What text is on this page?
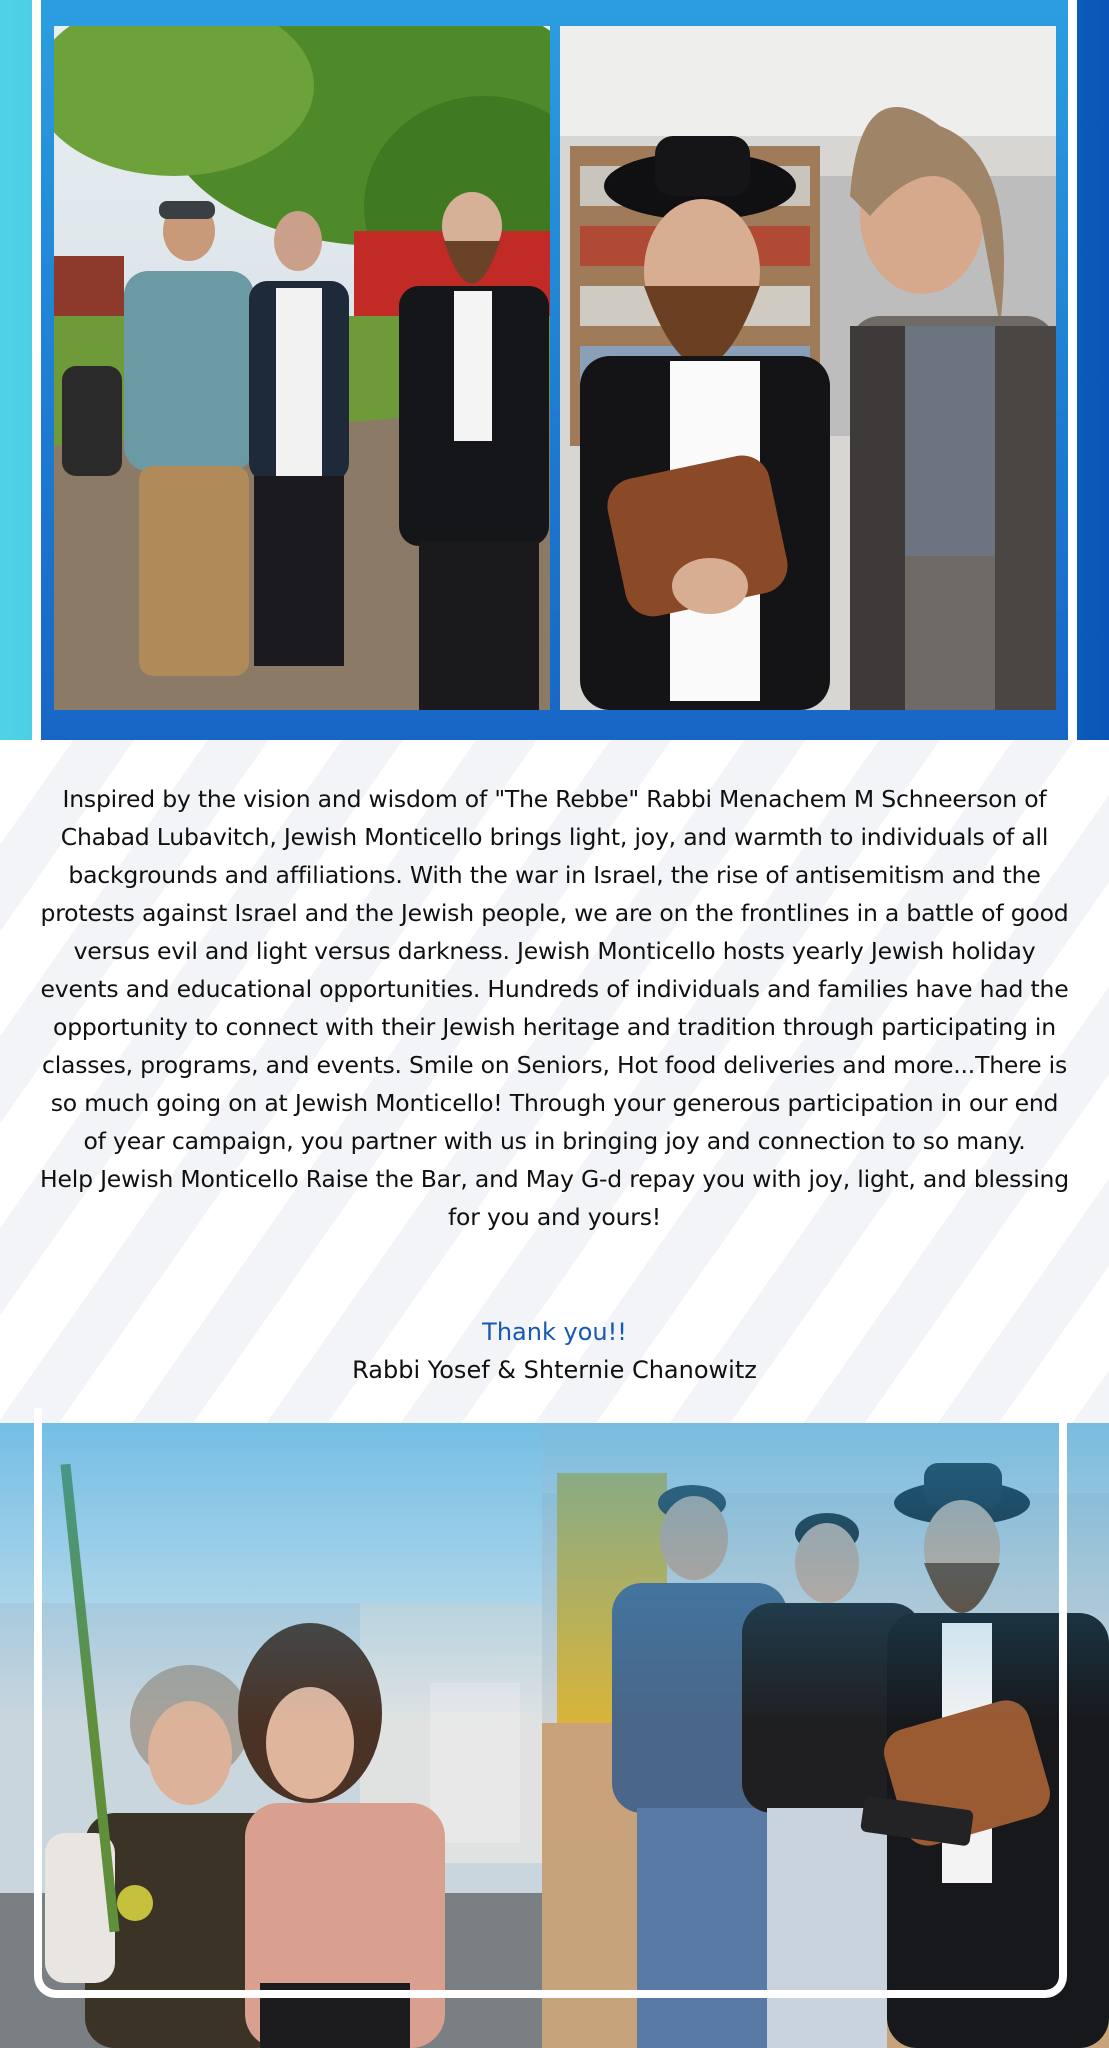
Inspired by the vision and wisdom of "The Rebbe" Rabbi Menachem M Schneerson of Chabad Lubavitch, Jewish Monticello brings light, joy, and warmth to individuals of all backgrounds and affiliations. With the war in Israel, the rise of antisemitism and the protests against Israel and the Jewish people, we are on the frontlines in a battle of good versus evil and light versus darkness. Jewish Monticello hosts yearly Jewish holiday events and educational opportunities. Hundreds of individuals and families have had the opportunity to connect with their Jewish heritage and tradition through participating in classes, programs, and events. Smile on Seniors, Hot food deliveries and more...There is so much going on at Jewish Monticello! Through your generous participation in our end of year campaign, you partner with us in bringing joy and connection to so many.

Help Jewish Monticello Raise the Bar, and May G-d repay you with joy, light, and blessing for you and yours!

Thank you!!
Rabbi Yosef & Shternie Chanowitz
